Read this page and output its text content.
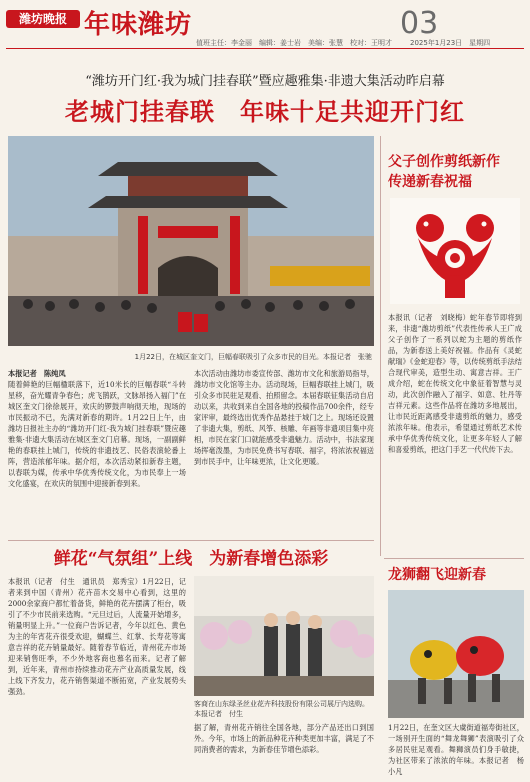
潍坊晚报 年味潍坊	03
值班主任：李金丽　编辑：姜士岩　美编：张慧　校对：王明才	2025年1月23日　星期四
“潍坊开门红·我为城门挂春联”暨应趣雅集·非遗大集活动昨启幕
老城门挂春联　年味十足共迎开门红
1月22日，在城区奎文门，巨幅春联吸引了众多市民的目光。本报记者　张驰
本报记者　陈纯凤
随着鲜艳的巨幅楹联落下，近10米长的巨幅春联“斗转星移，奋光耀青争春色；虎飞鹊跃，文脉昂扬入福门”在城区奎文门徐徐展开，欢庆的锣鼓声响彻天地，现场的市民振动不已，先满对新春的期许。1月22日上午，由潍坊日报社主办的“潍坊开门红·我为城门挂春联”暨应趣雅集·非遗大集活动在城区奎文门启幕。现场，一副副鲜艳的春联挂上城门，传统的非遗技艺、民俗表演轮番上阵，营造浓郁年味。据介绍，本次活动紧扣新春主题，以春联为媒，传承中华优秀传统文化，为市民奉上一场文化盛宴，在欢庆的氛围中迎接新春到来。
本次活动由潍坊市委宣传部、潍坊市文化和旅游局指导，潍坊市文化馆等主办。活动现场，巨幅春联挂上城门，吸引众多市民驻足观看、拍照留念。本届春联征集活动自启动以来，共收到来自全国各地的投稿作品700余件，经专家评审，最终选出优秀作品悬挂于城门之上。现场还设置了非遗大集，剪纸、风筝、核雕、年画等非遗项目集中亮相，市民在家门口就能感受非遗魅力。活动中，书法家现场挥毫泼墨，为市民免费书写春联、福字，将浓浓祝福送到市民手中，让年味更浓，让文化更暖。
父子创作剪纸新作　传递新春祝福
本报讯（记者　刘晓梅）蛇年春节即将到来，非遗“潍坊剪纸”代表性传承人王广成父子创作了一系列以蛇为主题的剪纸作品，为新春送上美好祝福。作品有《灵蛇献瑞》《金蛇迎春》等，以传统剪纸手法结合现代审美，造型生动、寓意吉祥。王广成介绍，蛇在传统文化中象征着智慧与灵动，此次创作融入了福字、如意、牡丹等吉祥元素。这些作品将在潍坊多地展出，让市民近距离感受非遗剪纸的魅力，感受浓浓年味。他表示，希望通过剪纸艺术传承中华优秀传统文化，让更多年轻人了解和喜爱剪纸，把这门手艺一代代传下去。
鲜花“气氛组”上线　为新春增色添彩
本报讯（记者　付生　通讯员　郑秀宝）1月22日，记者来到中国（青州）花卉苗木交易中心看到，这里的2000余家商户都忙着备货，鲜艳的花卉摆满了柜台，吸引了不少市民前来选购。“元旦过后，人流量开始增多，销量明显上升。”一位商户告诉记者，今年以红色、黄色为主的年宵花卉很受欢迎，蝴蝶兰、红掌、长寿花等寓意吉祥的花卉销量最好。随着春节临近，青州花卉市场迎来销售旺季，不少外地客商也慕名而来。记者了解到，近年来，青州市持续推动花卉产业高质量发展，线上线下齐发力，花卉销售渠道不断拓宽，产业发展势头强劲。
客商在山东绿圣丝业花卉科技股份有限公司展厅内选购。　本报记者　付生
据了解，青州花卉销往全国各地，部分产品还出口到国外。今年，市场上的新品种花卉种类更加丰富，满足了不同消费者的需求，为新春佳节增色添彩。
龙狮翻飞迎新春
1月22日，在奎文区大虞街道福寿街社区，一场别开生面的“舞龙舞狮”表演吸引了众多居民驻足观看。舞狮演员们身手敏捷，为社区带来了浓浓的年味。本报记者　杨小凡
